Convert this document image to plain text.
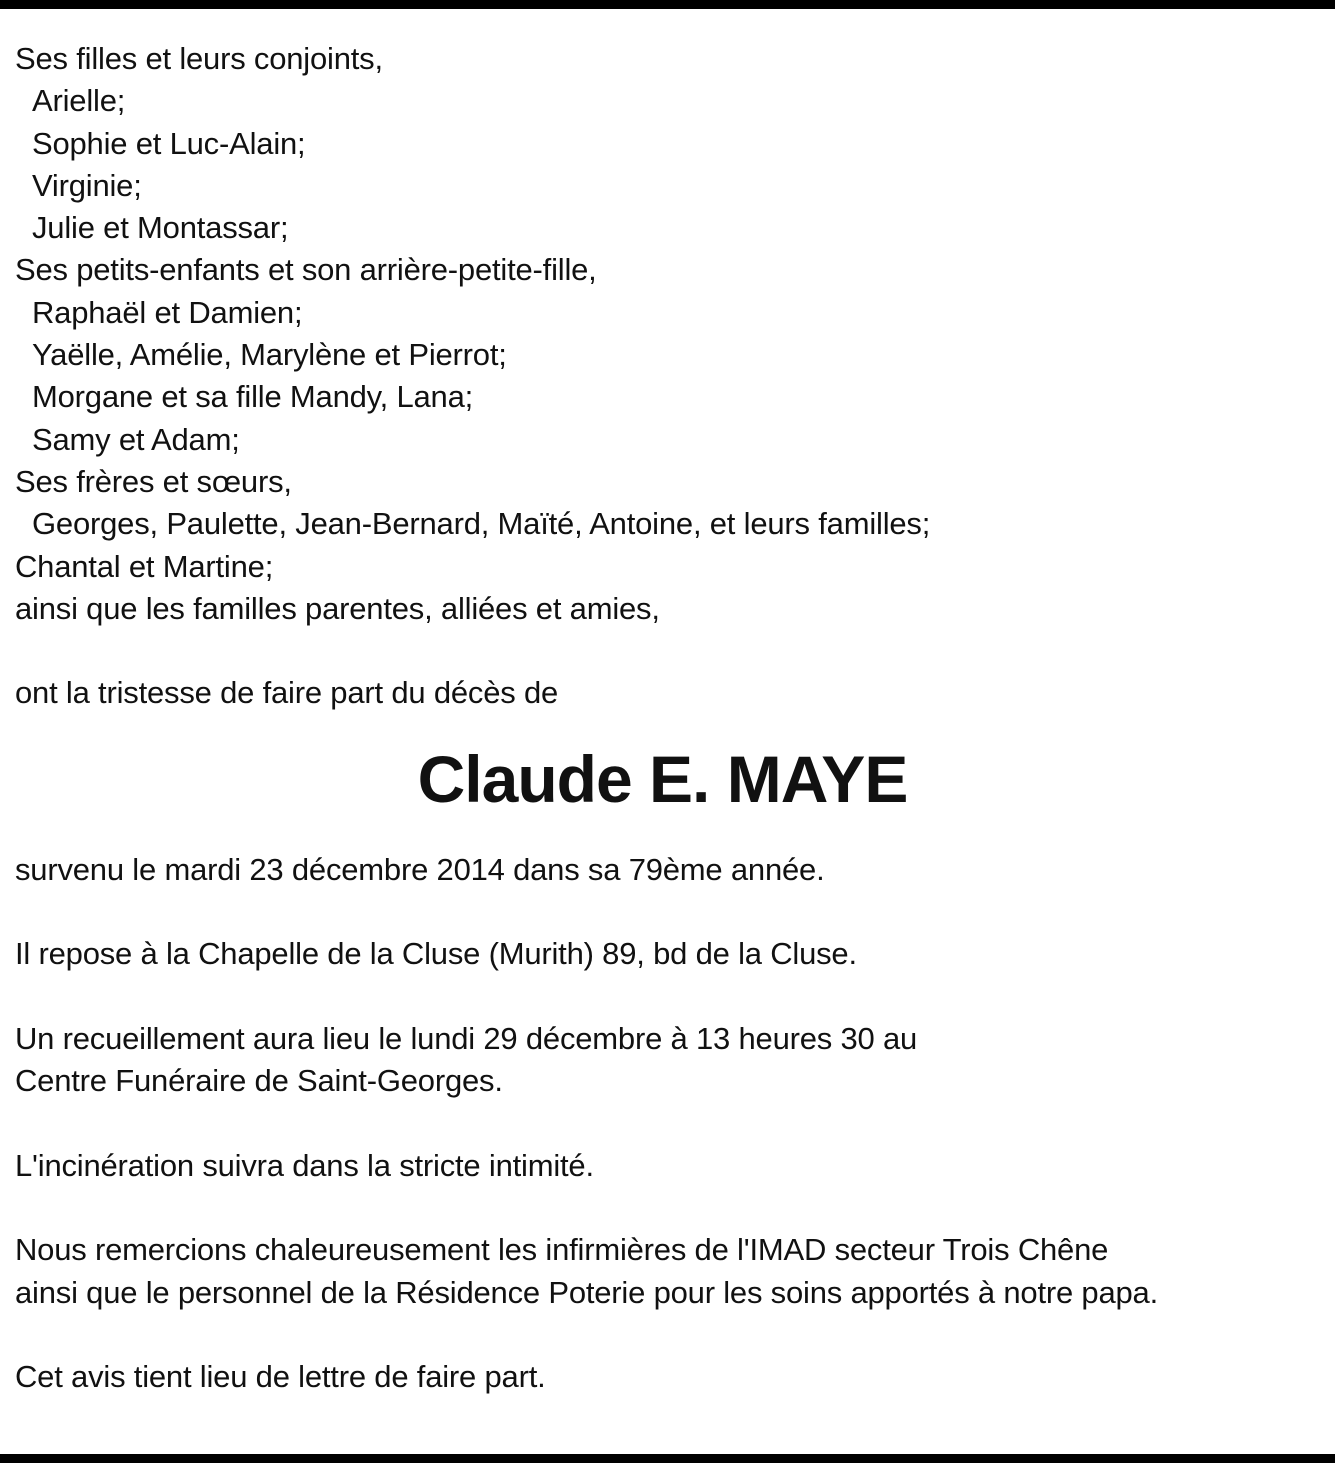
Ses filles et leurs conjoints,
Arielle;
Sophie et Luc-Alain;
Virginie;
Julie et Montassar;
Ses petits-enfants et son arrière-petite-fille,
Raphaël et Damien;
Yaëlle, Amélie, Marylène et Pierrot;
Morgane et sa fille Mandy, Lana;
Samy et Adam;
Ses frères et sœurs,
Georges, Paulette, Jean-Bernard, Maïté, Antoine, et leurs familles;
Chantal et Martine;
ainsi que les familles parentes, alliées et amies,
ont la tristesse de faire part du décès de
Claude E. MAYE
survenu le mardi 23 décembre 2014 dans sa 79ème année.
Il repose à la Chapelle de la Cluse (Murith) 89, bd de la Cluse.
Un recueillement aura lieu le lundi 29 décembre à 13 heures 30 au
Centre Funéraire de Saint-Georges.
L'incinération suivra dans la stricte intimité.
Nous remercions chaleureusement les infirmières de l'IMAD secteur Trois Chêne
ainsi que le personnel de la Résidence Poterie pour les soins apportés à notre papa.
Cet avis tient lieu de lettre de faire part.
